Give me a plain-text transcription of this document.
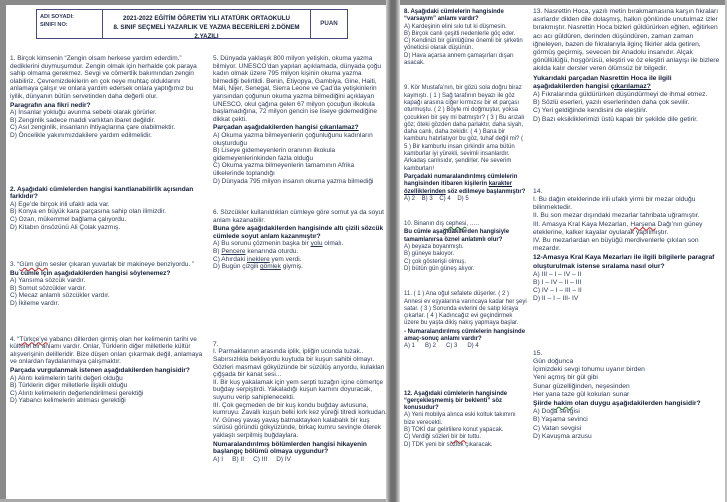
ADI SOYADI:
SINIFI NO:
2021-2022 EĞİTİM ÖĞRETİM YILI ATATÜRK ORTAOKULU
8. SINIF SEÇMELİ YAZARLIK VE YAZMA BECERİLERİ 2.DÖNEM 2.YAZILI
PUAN
1. Birçok kimsenin “Zengin olsam herkese yardım ederdim.” dediklerini duymuşumdur. Zengin olmak için herhalde çok paraya sahip olmama gerekmez. Sevgi ve cömertlik bakımından zengin olabiliriz. Çevremizdekilerin en çok neye muhtaç olduklarını anlamaya çalışır ve onlara yardım edersek onlara yaptığımız bu iyilik, dünyanın bütün servetinden daha değerli olur.
Paragrafın ana fikri nedir?
A) İnsanlar yokluğu avunma sebebi olarak görürler.
B) Zenginlik sadece maddi varlıktan ibaret değildir.
C) Asıl zenginlik, insanların ihtiyaçlarına çare olabilmektir.
D) Öncelikle yakınımızdakilere yardım edilmelidir.
2. Aşağıdaki cümlelerden hangisi kanıtlanabilirlik açısından farklıdır?
A) Ege’de birçok irili ufaklı ada var.
B) Konya en büyük kara parçasına sahip olan ilimizdir.
C) Ozan, mükemmel bağlama çalıyordu.
D) Kitabın önsözünü Ali Çolak yazmış.
3. “Güm güm sesler çıkaran yuvarlak bir makineye benziyordu. ”
Bu cümle için aşağıdakilerden hangisi söylenemez?
A) Yansıma sözcük vardır.
B) Somut sözcükler vardır.
C) Mecaz anlamlı sözcükler vardır.
D) İkileme vardır.
4. “Türkçe’ye yabancı dillerden girmiş olan her kelimenin tarihi ve kültürel bir anlamı vardır. Onlar, Türklerin diğer milletlerle kültür alışverişinin delilleridir. Bize düşen onları çıkarmak değil, anlamaya ve onlardan faydalanmaya çalışmaktır.
Parçada vurgulanmak istenen aşağıdakilerden hangisidir?
A) Alıntı kelimelerin tarihi değeri olduğu
B) Türklerin diğer milletlerle ilişkili olduğu
C) Alıntı kelimelerin değerlendirilmesi gerektiği
D) Yabancı kelimelerin atılması gerektiği
5. Dünyada yaklaşık 800 milyon yetişkin, okuma yazma bilmiyor. UNESCO’dan yapılan açıklamada, dünyada çoğu kadın olmak üzere 795 milyon kişinin okuma yazma bilmediği belirtildi. Benin, Etiyopya, Gambiya, Gine, Haiti, Mali, Nijer, Senegal, Sierra Leone ve Çad’da yetişkinlerin yarısından çoğunun okuma yazma bilmediğini açıklayan UNESCO, okul çağına gelen 67 milyon çocuğun ilkokula başlamadığına, 72 milyon gencin ise liseye gidemediğine dikkat çekti.
Parçadan aşağıdakilerden hangisi çıkarılamaz?
A) Okuma yazma bilmeyenlerin çoğunluğunu kadınların oluşturduğu
B) Liseye gidemeyenlerin oranının ilkokula gidemeyenlerinkinden fazla olduğu
C) Okuma yazma bilmeyenlerin tamamının Afrika ülkelerinde toplandığı
D) Dünyada 795 milyon insanın okuma yazma bilmediği
6. Sözcükler kullanıldıkları cümleye göre somut ya da soyut anlam kazanabilir.
Buna göre aşağıdakilerden hangisinde altı çizili sözcük cümlede soyut anlam kazanmıştır?
A) Bu sorunu çözmenin başka bir yolu olmalı.
B) Pencere kenarında oturdu.
C) Ahırdaki ineklere yem verdi.
D) Bugün çizgili gömlek giymiş.
7.
I. Parmaklarının arasında iplik, ipliğin ucunda tuzak.. Sabırsızlıkla bekliyordu kuytuda bir kuşun sahibi olmayı. Gözleri masmavi gökyüzünde bir süzülüş arıyordu, kulakları çığşada bir kanat sesi...
II. Bir kuş yakalamak için yem serpti tuzağın içine cömertçe buğday serpiştirdi. Yakaladığı kuşun karnını doyuracak, suyunu verip sahiplenecekti.
III. Çok geçmeden de bir kuş kondu buğday avlusuna, kumruyu. Zavallı kuşun belki kırk kez yüreği titredi korkudan.
IV. Güneş yavaş yavaş batmaktayken kalabalık bir kuş sürüsü göründü gökyüzünde, birkaç kumru sevinçle öterek yaklaştı serpilmiş buğdaylara.
Numaralandırılmış bölümlerden hangisi hikayenin başlangıç bölümü olmaya uygundur?
A) I     B) II     C) III     D) IV
8. Aşağıdaki cümlelerin hangisinde “varsayım” anlamı vardır?
A) Kardeşinin elini sıkı tut ki düşmesin.
B) Birçok canlı çeşitli nedenlerle göç eder.
C) Kendinizi bir günlüğüne önemli bir şirketin yöneticisi olarak düşünün.
D) Hava açarsa annem çamaşırları dışarı asacak.
9. Kör Mustafa’nın, bir gözü sola doğru biraz kaymıştı. ( 1 ) Sağ tarafının beyazı ile göz kapağı arasına ciğer kırmızısı bir et parçası oturmuştu. ( 2 ) Böyle mi doğmuştur, yoksa çocukken bir şey mi batmıştır? ( 3 ) Bu arızalı göz; öteki gözden daha parlaktır, daha siyah, daha canlı, daha zekidir. ( 4 ) Bana bir kamburu hatırlatıyor bu göz, tuhaf değil mi? ( 5 ) Bir kamburlu insan çirkindir ama bütün kamburlar iyi yürekli, sevimli insanlardır. Arkadaş canlısıdır, şendirler. Ne severim kamburları!
Parçadaki numaralandırılmış cümlelerin hangisinden itibaren kişilerin karakter özelliklerinden söz edilmeye başlanmıştır?
A) 2    B) 3    C) 4    D) 5
10. Binanın dış cephesi, …..
Bu cümle aşağıdakilerden hangisiyle tamamlanırsa öznel anlatımlı olur?
A) beyaza boyanmıştı.
B) güneye bakıyor.
C) çok gösterişli olmuş.
D) bütün gün güneş alıyor.
11. ( 1 ) Ana oğul sefalete düşerler. ( 2 ) Annesi ev eşyalarına varıncaya kadar her şeyi satar. ( 3 ) Sonunda evlerini de satıp kiraya çıkarlar. ( 4 ) Kadıncağız evi geçindirmek üzere bu yaşta dikiş nakış yapmaya başlar.
- Numaralandırılmış cümlelerin hangisinde amaç-sonuç anlamı vardır?
A) 1      B) 2      C) 3      D) 4
12. Aşağıdaki cümlelerin hangisinde “gerçekleşmemiş bir beklenti” söz konusudur?
A) Yeni mobilya alınca eski koltuk takımını bize verecekti.
B) TOKİ dar gelirlilere konut yapacak.
C) Verdiği sözleri bir bir tuttu.
D) TDK yeni bir sözlük çıkaracak.
13. Nasrettin Hoca, yazılı metin bırakmamasına karşın fıkraları asırlardır dilden dile dolaşmış, halkın gönlünde unutulmaz izler bırakmıştır. Nasrettin Hoca bizleri güldürürken eğiten, eğitirken acı acı güldüren, derinden düşündüren, zaman zaman iğneleyen, bazen de fıkralarıyla ilginç fikirler akla getiren, görmüş geçirmiş, sevecen bir Anadolu insanıdır. Alçak gönüllülüğü, hoşgörüsü, eleştiri ve öz eleştiri anlayışı ile bizlere akılda kalır dersler veren ölümsüz bir bilgedir.
Yukarıdaki parçadan Nasrettin Hoca ile ilgili aşağıdakilerden hangisi çıkarılamaz?
A) Fıkralarında güldürürken düşündürmeyi de ihmal etmez.
B) Sözlü eserleri, yazılı eserlerinden daha çok sevilir.
C) Yeri geldiğinde kendisini de eleştirir.
D) Bazı eksikliklerimizi üstü kapalı bir şekilde dile getirir.
14.
I. Bu dağın eteklerinde irili ufaklı yirmi bir mezar olduğu bilinmektedir.
II. Bu son mezar dışındaki mezarlar tahribata uğramıştır.
III. Amasya Kral Kaya Mezarları, Harşena Dağı’nın güney eteklerine, kalker kayalar oyularak yapılmıştır.
IV. Bu mezarlardan en büyüğü merdivenlerle çıkılan son mezardır.
12-Amasya Kral Kaya Mezarları ile ilgili bilgilerle paragraf oluşturulmak istense sıralama nasıl olur?
A) III – I – IV – II
B) I – IV – II – III
C) IV – I – III – II
D) II – I – III- IV
15.
Gün doğunca
İçimizdeki sevgi tohumu uyanır birden
Yeni açmış bir gül gibi
Sunar güzelliğinden, neşesinden
Her yana taze gül kokuları sunar
Şiirde hakim olan duygu aşağıdakilerden hangisidir?
A) Doğa sevgisi
B) Yaşama sevinci
C) Vatan sevgisi
D) Kavuşma arzusu
